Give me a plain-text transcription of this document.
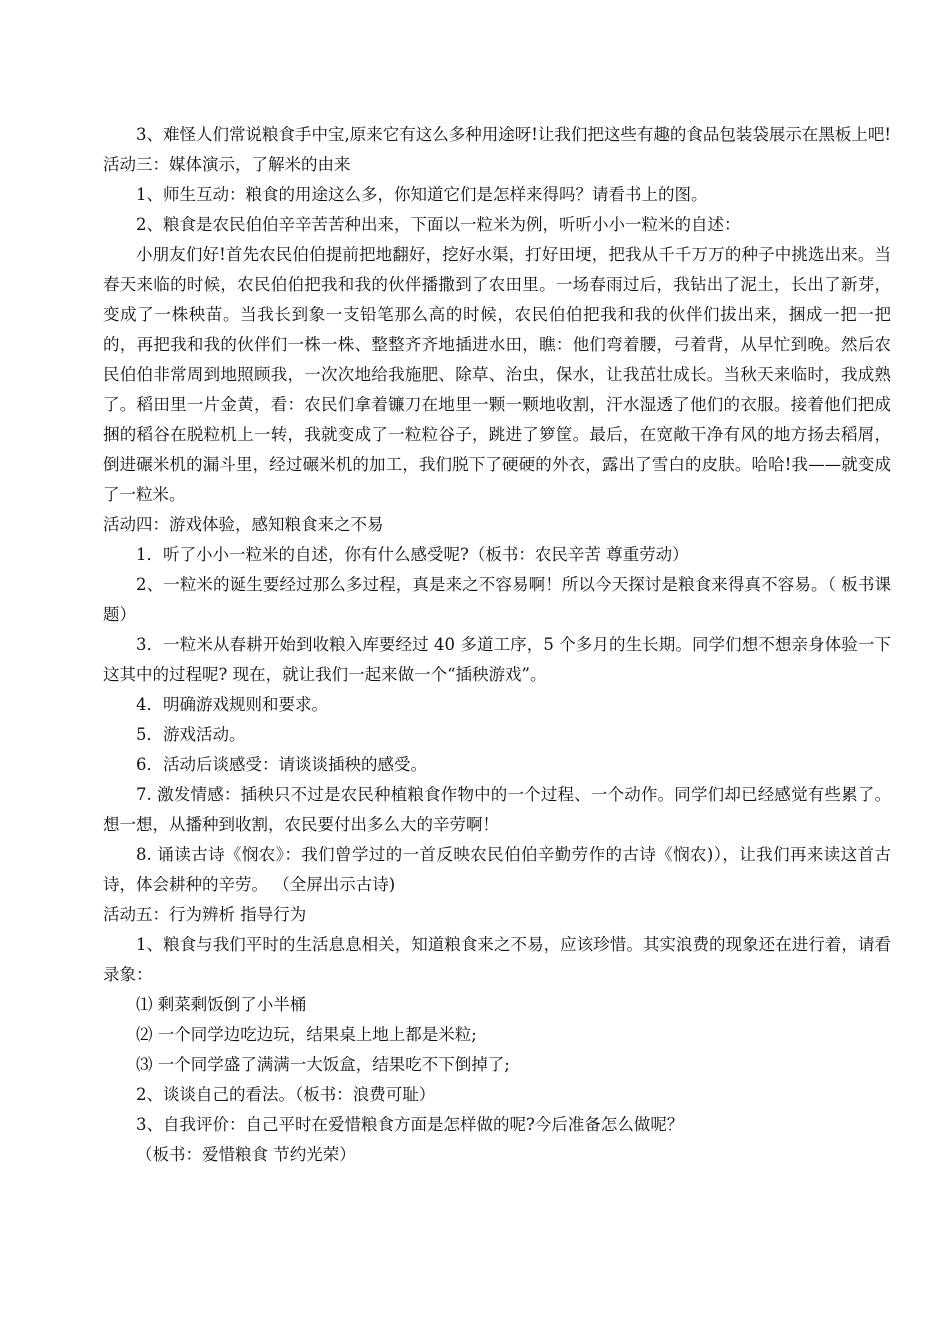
3、难怪人们常说粮食手中宝,原来它有这么多种用途呀!让我们把这些有趣的食品包装袋展示在黑板上吧!

活动三：媒体演示，了解米的由来

1、师生互动：粮食的用途这么多，你知道它们是怎样来得吗？请看书上的图。

2、粮食是农民伯伯辛辛苦苦种出来，下面以一粒米为例，听听小小一粒米的自述：

小朋友们好!首先农民伯伯提前把地翻好，挖好水渠，打好田埂，把我从千千万万的种子中挑选出来。当春天来临的时候，农民伯伯把我和我的伙伴播撒到了农田里。一场春雨过后，我钻出了泥土，长出了新芽，变成了一株秧苗。当我长到象一支铅笔那么高的时候，农民伯伯把我和我的伙伴们拔出来，捆成一把一把的，再把我和我的伙伴们一株一株、整整齐齐地插进水田，瞧：他们弯着腰，弓着背，从早忙到晚。然后农民伯伯非常周到地照顾我，一次次地给我施肥、除草、治虫，保水，让我茁壮成长。当秋天来临时，我成熟了。稻田里一片金黄，看：农民们拿着镰刀在地里一颗一颗地收割，汗水湿透了他们的衣服。接着他们把成捆的稻谷在脱粒机上一转，我就变成了一粒粒谷子，跳进了箩筐。最后，在宽敞干净有风的地方扬去稻屑，倒进碾米机的漏斗里，经过碾米机的加工，我们脱下了硬硬的外衣，露出了雪白的皮肤。哈哈!我——就变成了一粒米。

活动四：游戏体验，感知粮食来之不易

1．听了小小一粒米的自述，你有什么感受呢?（板书：农民辛苦 尊重劳动）

2、一粒米的诞生要经过那么多过程，真是来之不容易啊！所以今天探讨是粮食来得真不容易。（ 板书课题）

3．一粒米从春耕开始到收粮入库要经过 40 多道工序，5 个多月的生长期。同学们想不想亲身体验一下这其中的过程呢? 现在，就让我们一起来做一个“插秧游戏”。

4．明确游戏规则和要求。

5．游戏活动。

6．活动后谈感受：请谈谈插秧的感受。

7. 激发情感：插秧只不过是农民种植粮食作物中的一个过程、一个动作。同学们却已经感觉有些累了。想一想，从播种到收割，农民要付出多么大的辛劳啊！

8. 诵读古诗《悯农》：我们曾学过的一首反映农民伯伯辛勤劳作的古诗《悯农)），让我们再来读这首古诗，体会耕种的辛劳。 （全屏出示古诗)

活动五：行为辨析 指导行为

1、粮食与我们平时的生活息息相关，知道粮食来之不易，应该珍惜。其实浪费的现象还在进行着，请看录象：

⑴ 剩菜剩饭倒了小半桶

⑵ 一个同学边吃边玩，结果桌上地上都是米粒;

⑶ 一个同学盛了满满一大饭盒，结果吃不下倒掉了;

2、谈谈自己的看法。（板书：浪费可耻）

3、自我评价：自己平时在爱惜粮食方面是怎样做的呢?今后准备怎么做呢？

（板书：爱惜粮食 节约光荣）
